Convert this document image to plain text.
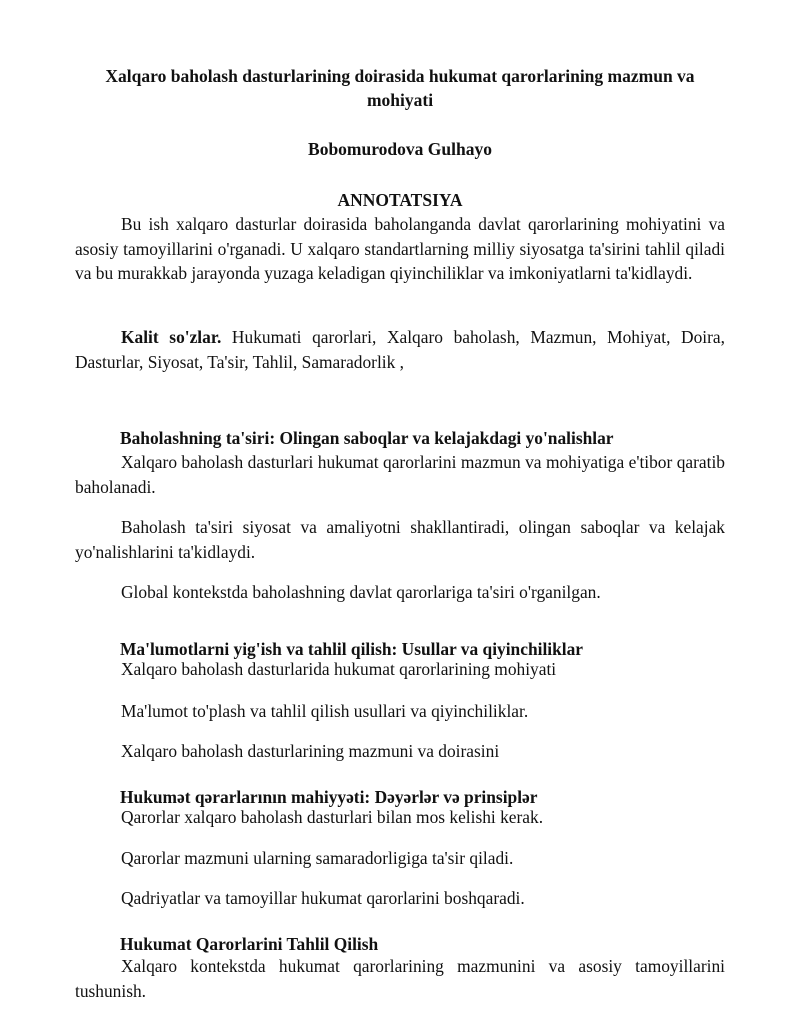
Xalqaro baholash dasturlarining doirasida hukumat qarorlarining mazmun va mohiyati

Bobomurodova Gulhayo

ANNOTATSIYA

Bu ish xalqaro dasturlar doirasida baholanganda davlat qarorlarining mohiyatini va asosiy tamoyillarini o'rganadi. U xalqaro standartlarning milliy siyosatga ta'sirini tahlil qiladi va bu murakkab jarayonda yuzaga keladigan qiyinchiliklar va imkoniyatlarni ta'kidlaydi.

Kalit so'zlar. Hukumati qarorlari, Xalqaro baholash, Mazmun, Mohiyat, Doira, Dasturlar, Siyosat, Ta'sir, Tahlil, Samaradorlik ,

Baholashning ta'siri: Olingan saboqlar va kelajakdagi yo'nalishlar

Xalqaro baholash dasturlari hukumat qarorlarini mazmun va mohiyatiga e'tibor qaratib baholanadi.

Baholash ta'siri siyosat va amaliyotni shakllantiradi, olingan saboqlar va kelajak yo'nalishlarini ta'kidlaydi.

Global kontekstda baholashning davlat qarorlariga ta'siri o'rganilgan.

Ma'lumotlarni yig'ish va tahlil qilish: Usullar va qiyinchiliklar

Xalqaro baholash dasturlarida hukumat qarorlarining mohiyati

Ma'lumot to'plash va tahlil qilish usullari va qiyinchiliklar.

Xalqaro baholash dasturlarining mazmuni va doirasini

Hukumət qərarlarının mahiyyəti: Dəyərlər və prinsiplər

Qarorlar xalqaro baholash dasturlari bilan mos kelishi kerak.

Qarorlar mazmuni ularning samaradorligiga ta'sir qiladi.

Qadriyatlar va tamoyillar hukumat qarorlarini boshqaradi.

Hukumat Qarorlarini Tahlil Qilish

Xalqaro kontekstda hukumat qarorlarining mazmunini va asosiy tamoyillarini tushunish.
